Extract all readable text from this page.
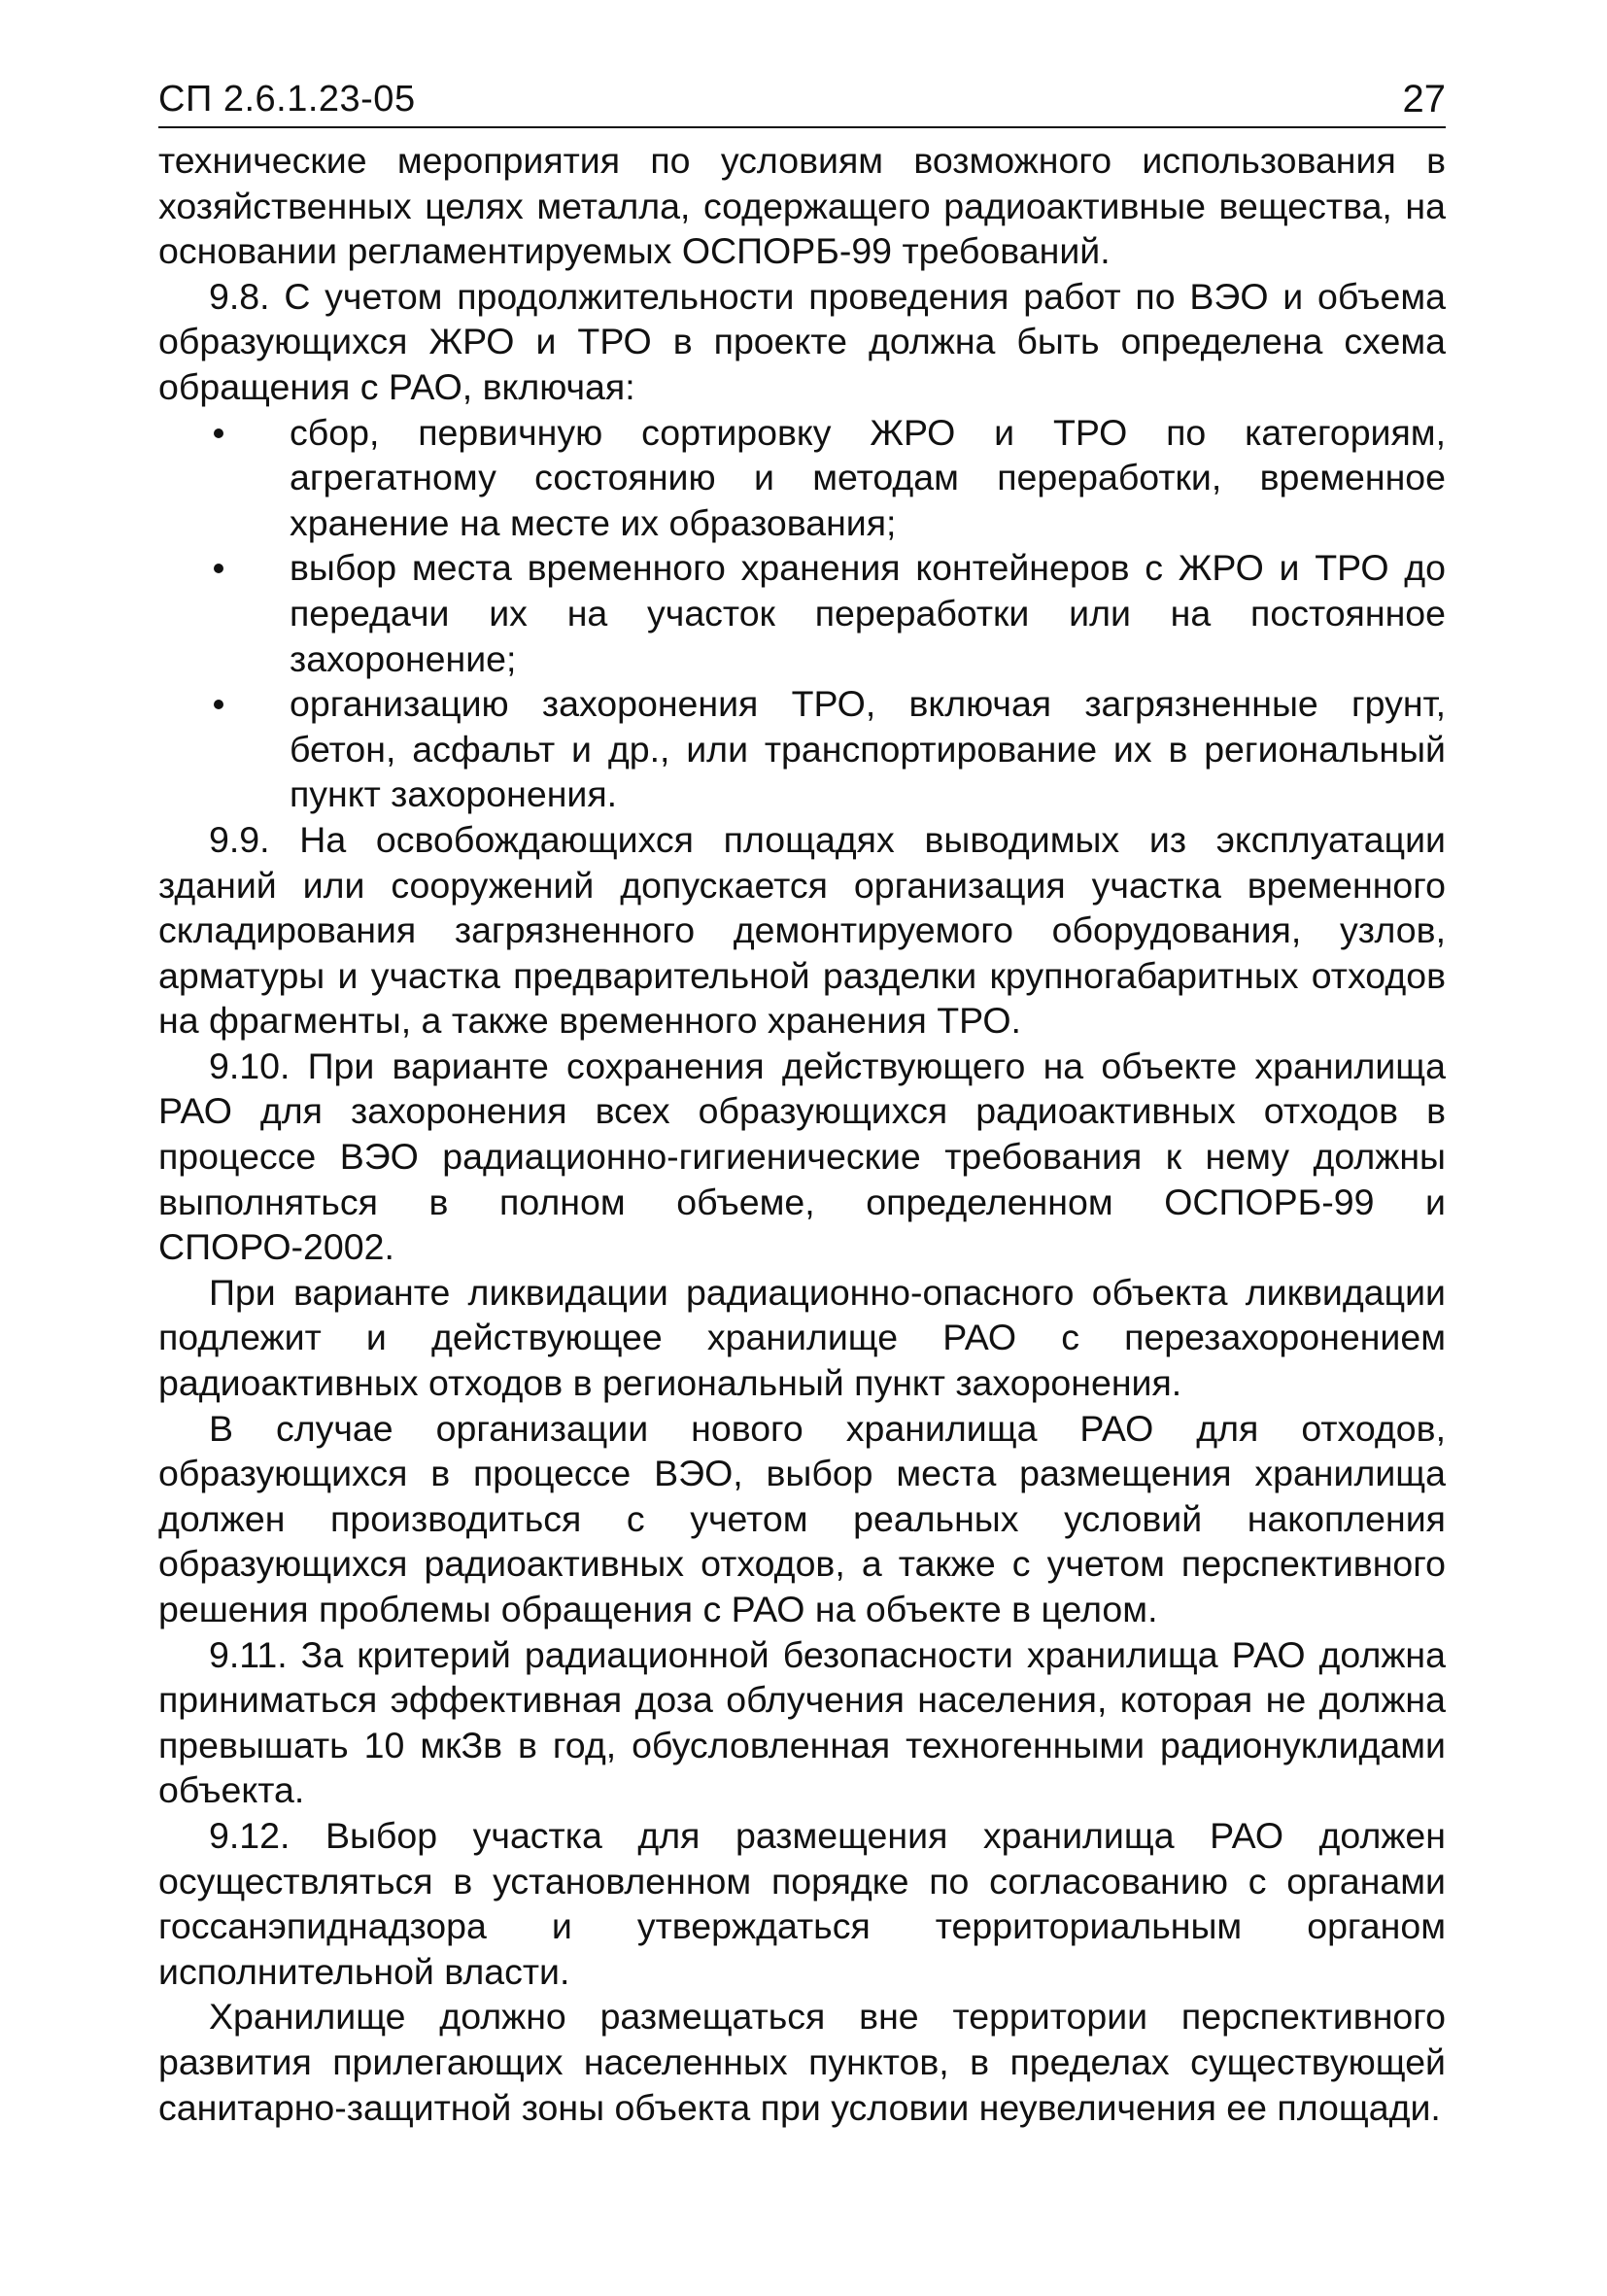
СП 2.6.1.23-05	27

технические мероприятия по условиям возможного использования в хозяйственных целях металла, содержащего радиоактивные вещества, на основании регламентируемых ОСПОРБ-99 требований.

9.8. С учетом продолжительности проведения работ по ВЭО и объема образующихся ЖРО и ТРО в проекте должна быть определена схема обращения с РАО, включая:

сбор, первичную сортировку ЖРО и ТРО по категориям, агрегатному состоянию и методам переработки, временное хранение на месте их образования;
выбор места временного хранения контейнеров с ЖРО и ТРО до передачи их на участок переработки или на постоянное захоронение;
организацию захоронения ТРО, включая загрязненные грунт, бетон, асфальт и др., или транспортирование их в региональный пункт захоронения.

9.9. На освобождающихся площадях выводимых из эксплуатации зданий или сооружений допускается организация участка временного складирования загрязненного демонтируемого оборудования, узлов, арматуры и участка предварительной разделки крупногабаритных отходов на фрагменты, а также временного хранения ТРО.

9.10. При варианте сохранения действующего на объекте хранилища РАО для захоронения всех образующихся радиоактивных отходов в процессе ВЭО радиационно-гигиенические требования к нему должны выполняться в полном объеме, определенном ОСПОРБ-99 и СПОРО-2002.

При варианте ликвидации радиационно-опасного объекта ликвидации подлежит и действующее хранилище РАО с перезахоронением радиоактивных отходов в региональный пункт захоронения.

В случае организации нового хранилища РАО для отходов, образующихся в процессе ВЭО, выбор места размещения хранилища должен производиться с учетом реальных условий накопления образующихся радиоактивных отходов, а также с учетом перспективного решения проблемы обращения с РАО на объекте в целом.

9.11. За критерий радиационной безопасности хранилища РАО должна приниматься эффективная доза облучения населения, которая не должна превышать 10 мкЗв в год, обусловленная техногенными радионуклидами объекта.

9.12. Выбор участка для размещения хранилища РАО должен осуществляться в установленном порядке по согласованию с органами госсанэпиднадзора и утверждаться территориальным органом исполнительной власти.

Хранилище должно размещаться вне территории перспективного развития прилегающих населенных пунктов, в пределах существующей санитарно-защитной зоны объекта при условии неувеличения ее площади.
